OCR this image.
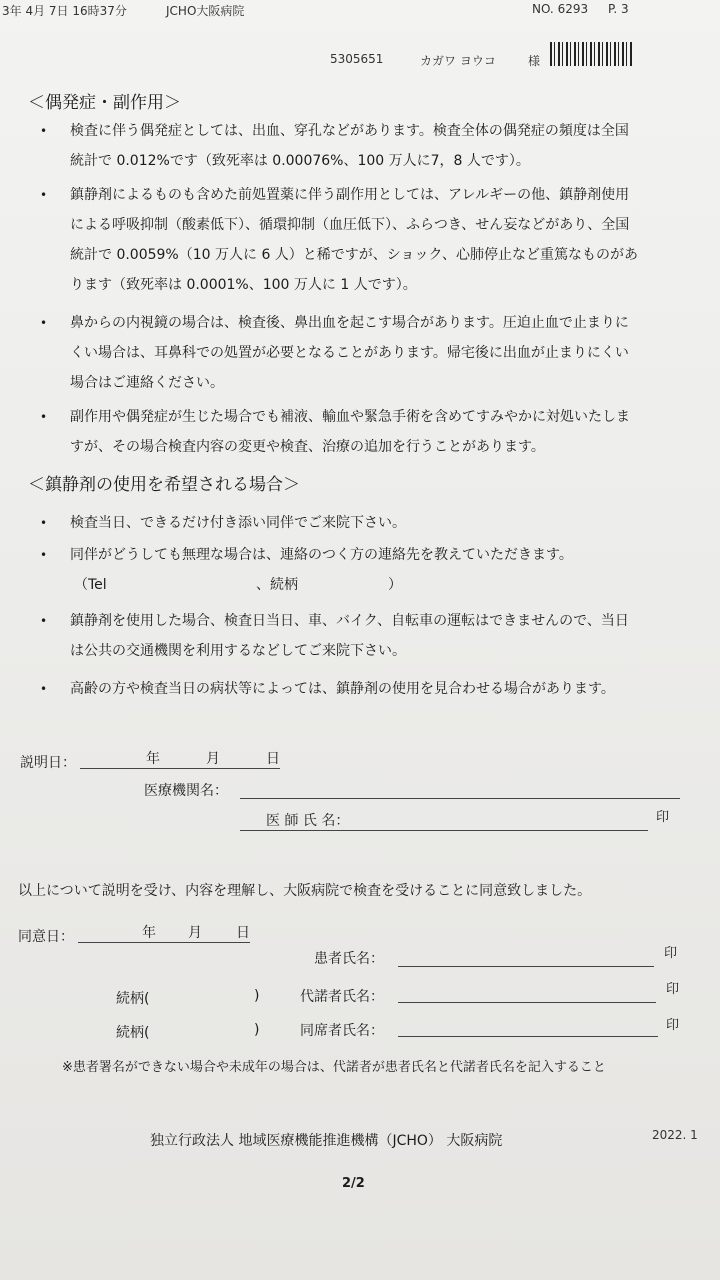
3年 4月 7日 16時37分	JCHO大阪病院	NO. 6293 P. 3
5305651	カガワ ヨウコ	様
＜偶発症・副作用＞
• 検査に伴う偶発症としては、出血、穿孔などがあります。検査全体の偶発症の頻度は全国
統計で 0.012%です（致死率は 0.00076%、100 万人に7，8 人です）。
• 鎮静剤によるものも含めた前処置薬に伴う副作用としては、アレルギーの他、鎮静剤使用
による呼吸抑制（酸素低下）、循環抑制（血圧低下）、ふらつき、せん妄などがあり、全国
統計で 0.0059%（10 万人に 6 人）と稀ですが、ショック、心肺停止など重篤なものがあ
ります（致死率は 0.0001%、100 万人に 1 人です）。
• 鼻からの内視鏡の場合は、検査後、鼻出血を起こす場合があります。圧迫止血で止まりに
くい場合は、耳鼻科での処置が必要となることがあります。帰宅後に出血が止まりにくい
場合はご連絡ください。
• 副作用や偶発症が生じた場合でも補液、輸血や緊急手術を含めてすみやかに対処いたしま
すが、その場合検査内容の変更や検査、治療の追加を行うことがあります。
＜鎮静剤の使用を希望される場合＞
• 検査当日、できるだけ付き添い同伴でご来院下さい。
• 同伴がどうしても無理な場合は、連絡のつく方の連絡先を教えていただきます。
（Tel	、続柄	）
• 鎮静剤を使用した場合、検査日当日、車、バイク、自転車の運転はできませんので、当日
は公共の交通機関を利用するなどしてご来院下さい。
• 高齢の方や検査当日の病状等によっては、鎮静剤の使用を見合わせる場合があります。
説明日：	年	月	日
医療機関名：
医 師 氏 名：	印
以上について説明を受け、内容を理解し、大阪病院で検査を受けることに同意致しました。
同意日：	年 月 日
患者氏名：	印
続柄(	)	代諾者氏名：	印
続柄(	)	同席者氏名：	印
※患者署名ができない場合や未成年の場合は、代諾者が患者氏名と代諾者氏名を記入すること
独立行政法人 地域医療機能推進機構（JCHO） 大阪病院	2022. 1
2/2
